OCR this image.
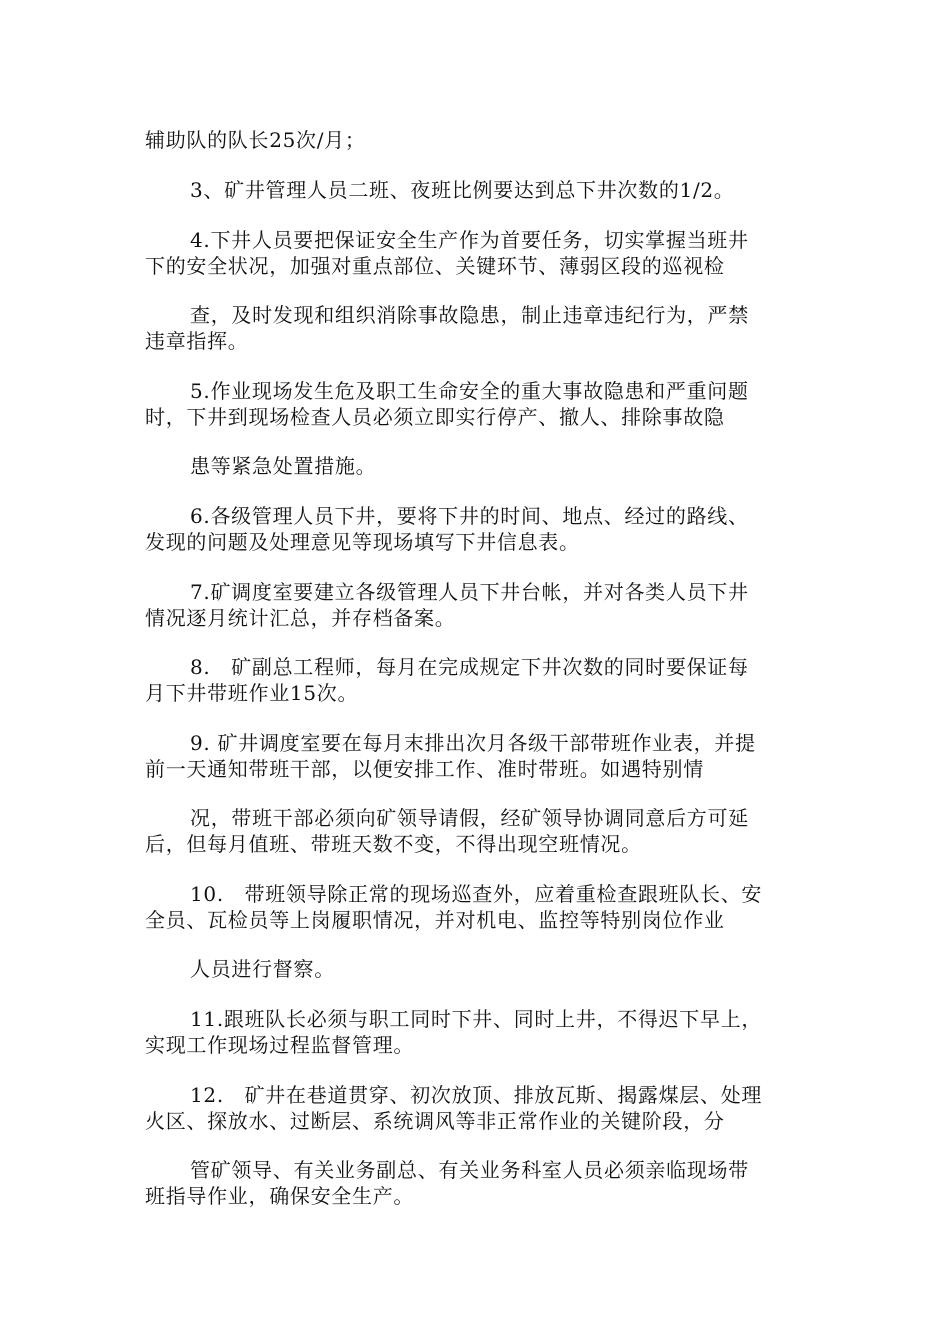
辅助队的队长25次/月；
3、矿井管理人员二班、夜班比例要达到总下井次数的1/2。
4.下井人员要把保证安全生产作为首要任务，切实掌握当班井
下的安全状况，加强对重点部位、关键环节、薄弱区段的巡视检
查，及时发现和组织消除事故隐患，制止违章违纪行为，严禁
违章指挥。
5.作业现场发生危及职工生命安全的重大事故隐患和严重问题
时，下井到现场检查人员必须立即实行停产、撤人、排除事故隐
患等紧急处置措施。
6.各级管理人员下井，要将下井的时间、地点、经过的路线、
发现的问题及处理意见等现场填写下井信息表。
7.矿调度室要建立各级管理人员下井台帐，并对各类人员下井
情况逐月统计汇总，并存档备案。
8.　矿副总工程师，每月在完成规定下井次数的同时要保证每
月下井带班作业15次。
9. 矿井调度室要在每月末排出次月各级干部带班作业表，并提
前一天通知带班干部，以便安排工作、准时带班。如遇特别情
况，带班干部必须向矿领导请假，经矿领导协调同意后方可延
后，但每月值班、带班天数不变，不得出现空班情况。
10.　带班领导除正常的现场巡查外，应着重检查跟班队长、安
全员、瓦检员等上岗履职情况，并对机电、监控等特别岗位作业
人员进行督察。
11.跟班队长必须与职工同时下井、同时上井，不得迟下早上，
实现工作现场过程监督管理。
12.　矿井在巷道贯穿、初次放顶、排放瓦斯、揭露煤层、处理
火区、探放水、过断层、系统调风等非正常作业的关键阶段，分
管矿领导、有关业务副总、有关业务科室人员必须亲临现场带
班指导作业，确保安全生产。
